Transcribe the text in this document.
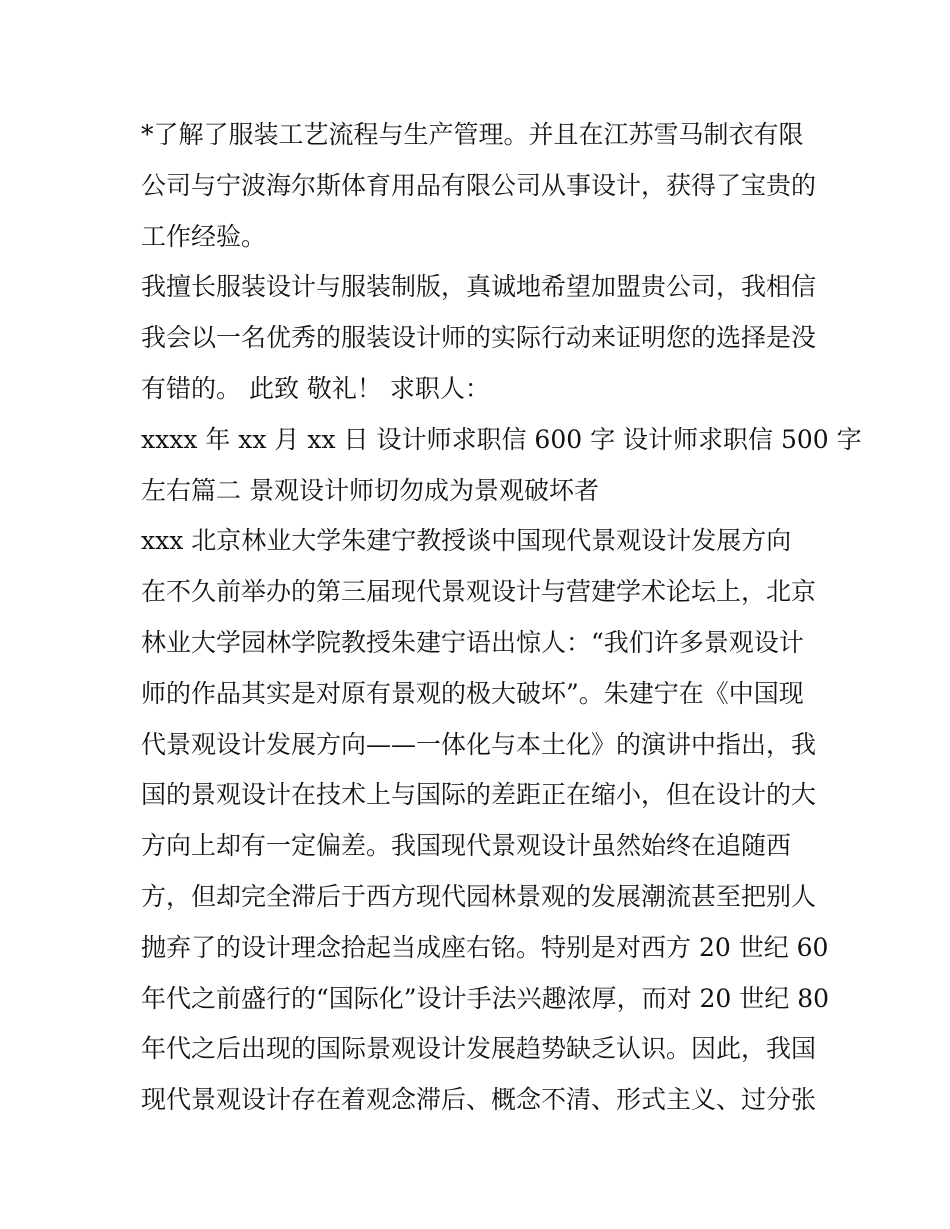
*了解了服装工艺流程与生产管理。并且在江苏雪马制衣有限

公司与宁波海尔斯体育用品有限公司从事设计，获得了宝贵的

工作经验。

我擅长服装设计与服装制版，真诚地希望加盟贵公司，我相信

我会以一名优秀的服装设计师的实际行动来证明您的选择是没

有错的。 此致 敬礼！ 求职人：

xxxx 年 xx 月 xx 日 设计师求职信 600 字 设计师求职信 500 字

左右篇二 景观设计师切勿成为景观破坏者

xxx 北京林业大学朱建宁教授谈中国现代景观设计发展方向

在不久前举办的第三届现代景观设计与营建学术论坛上，北京

林业大学园林学院教授朱建宁语出惊人：“我们许多景观设计

师的作品其实是对原有景观的极大破坏”。朱建宁在《中国现

代景观设计发展方向——一体化与本土化》的演讲中指出，我

国的景观设计在技术上与国际的差距正在缩小，但在设计的大

方向上却有一定偏差。我国现代景观设计虽然始终在追随西

方，但却完全滞后于西方现代园林景观的发展潮流甚至把别人

抛弃了的设计理念拾起当成座右铭。特别是对西方 20 世纪 60

年代之前盛行的“国际化”设计手法兴趣浓厚，而对 20 世纪 80

年代之后出现的国际景观设计发展趋势缺乏认识。因此，我国

现代景观设计存在着观念滞后、概念不清、形式主义、过分张
